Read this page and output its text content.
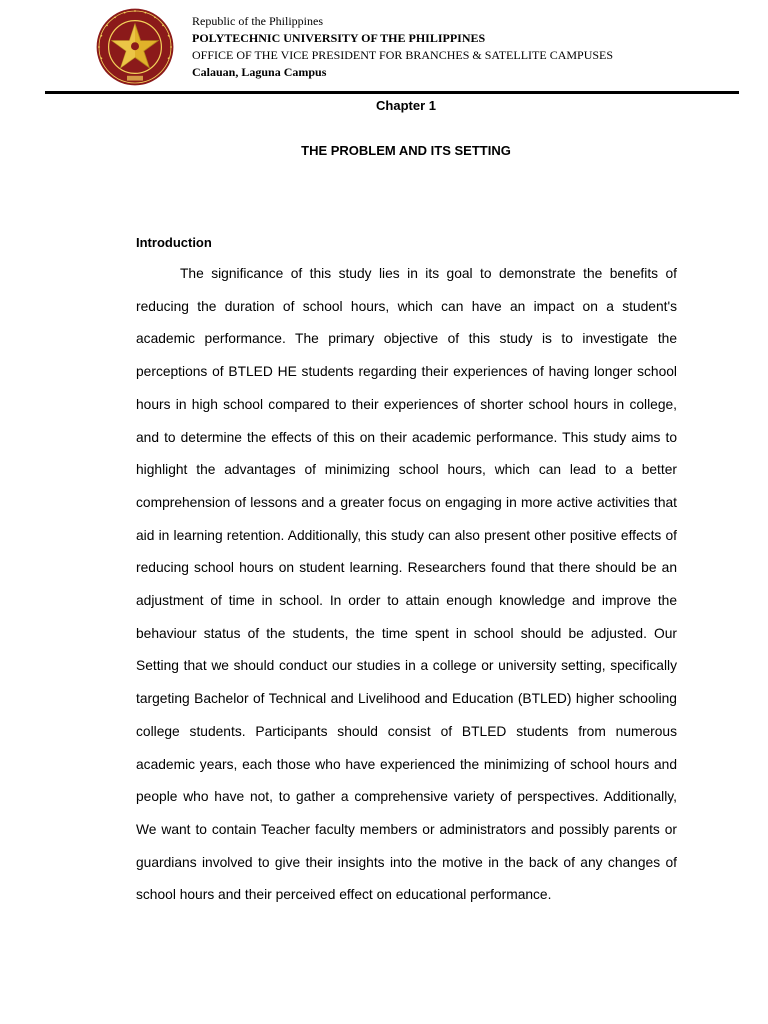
Republic of the Philippines
POLYTECHNIC UNIVERSITY OF THE PHILIPPINES
OFFICE OF THE VICE PRESIDENT FOR BRANCHES & SATELLITE CAMPUSES
Calauan, Laguna Campus
Chapter 1
THE PROBLEM AND ITS SETTING
Introduction

The significance of this study lies in its goal to demonstrate the benefits of reducing the duration of school hours, which can have an impact on a student's academic performance. The primary objective of this study is to investigate the perceptions of BTLED HE students regarding their experiences of having longer school hours in high school compared to their experiences of shorter school hours in college, and to determine the effects of this on their academic performance. This study aims to highlight the advantages of minimizing school hours, which can lead to a better comprehension of lessons and a greater focus on engaging in more active activities that aid in learning retention. Additionally, this study can also present other positive effects of reducing school hours on student learning. Researchers found that there should be an adjustment of time in school. In order to attain enough knowledge and improve the behaviour status of the students, the time spent in school should be adjusted. Our Setting that we should conduct our studies in a college or university setting, specifically targeting Bachelor of Technical and Livelihood and Education (BTLED) higher schooling college students. Participants should consist of BTLED students from numerous academic years, each those who have experienced the minimizing of school hours and people who have not, to gather a comprehensive variety of perspectives. Additionally, We want to contain Teacher faculty members or administrators and possibly parents or guardians involved to give their insights into the motive in the back of any changes of school hours and their perceived effect on educational performance.
